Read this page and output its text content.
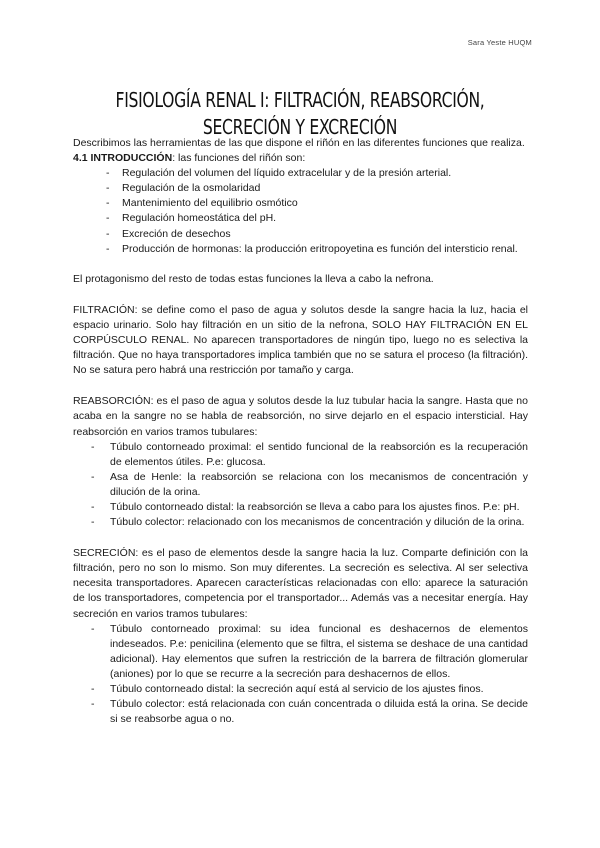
Sara Yeste HUQM
FISIOLOGÍA RENAL I: FILTRACIÓN, REABSORCIÓN,
SECRECIÓN Y EXCRECIÓN

Describimos las herramientas de las que dispone el riñón en las diferentes funciones que realiza.

4.1 INTRODUCCIÓN: las funciones del riñón son:

- Regulación del volumen del líquido extracelular y de la presión arterial.
- Regulación de la osmolaridad
- Mantenimiento del equilibrio osmótico
- Regulación homeostática del pH.
- Excreción de desechos
- Producción de hormonas: la producción eritropoyetina es función del intersticio renal.

El protagonismo del resto de todas estas funciones la lleva a cabo la nefrona.

FILTRACIÓN: se define como el paso de agua y solutos desde la sangre hacia la luz, hacia el espacio urinario. Solo hay filtración en un sitio de la nefrona, SOLO HAY FILTRACIÓN EN EL CORPÚSCULO RENAL. No aparecen transportadores de ningún tipo, luego no es selectiva la filtración. Que no haya transportadores implica también que no se satura el proceso (la filtración). No se satura pero habrá una restricción por tamaño y carga.

REABSORCIÓN: es el paso de agua y solutos desde la luz tubular hacia la sangre. Hasta que no acaba en la sangre no se habla de reabsorción, no sirve dejarlo en el espacio intersticial. Hay reabsorción en varios tramos tubulares:

- Túbulo contorneado proximal: el sentido funcional de la reabsorción es la recuperación de elementos útiles. P.e: glucosa.
- Asa de Henle: la reabsorción se relaciona con los mecanismos de concentración y dilución de la orina.
- Túbulo contorneado distal: la reabsorción se lleva a cabo para los ajustes finos. P.e: pH.
- Túbulo colector: relacionado con los mecanismos de concentración y dilución de la orina.

SECRECIÓN: es el paso de elementos desde la sangre hacia la luz. Comparte definición con la filtración, pero no son lo mismo. Son muy diferentes. La secreción es selectiva. Al ser selectiva necesita transportadores. Aparecen características relacionadas con ello: aparece la saturación de los transportadores, competencia por el transportador... Además vas a necesitar energía. Hay secreción en varios tramos tubulares:

- Túbulo contorneado proximal: su idea funcional es deshacernos de elementos indeseados. P.e: penicilina (elemento que se filtra, el sistema se deshace de una cantidad adicional). Hay elementos que sufren la restricción de la barrera de filtración glomerular (aniones) por lo que se recurre a la secreción para deshacernos de ellos.
- Túbulo contorneado distal: la secreción aquí está al servicio de los ajustes finos.
- Túbulo colector: está relacionada con cuán concentrada o diluida está la orina. Se decide si se reabsorbe agua o no.
